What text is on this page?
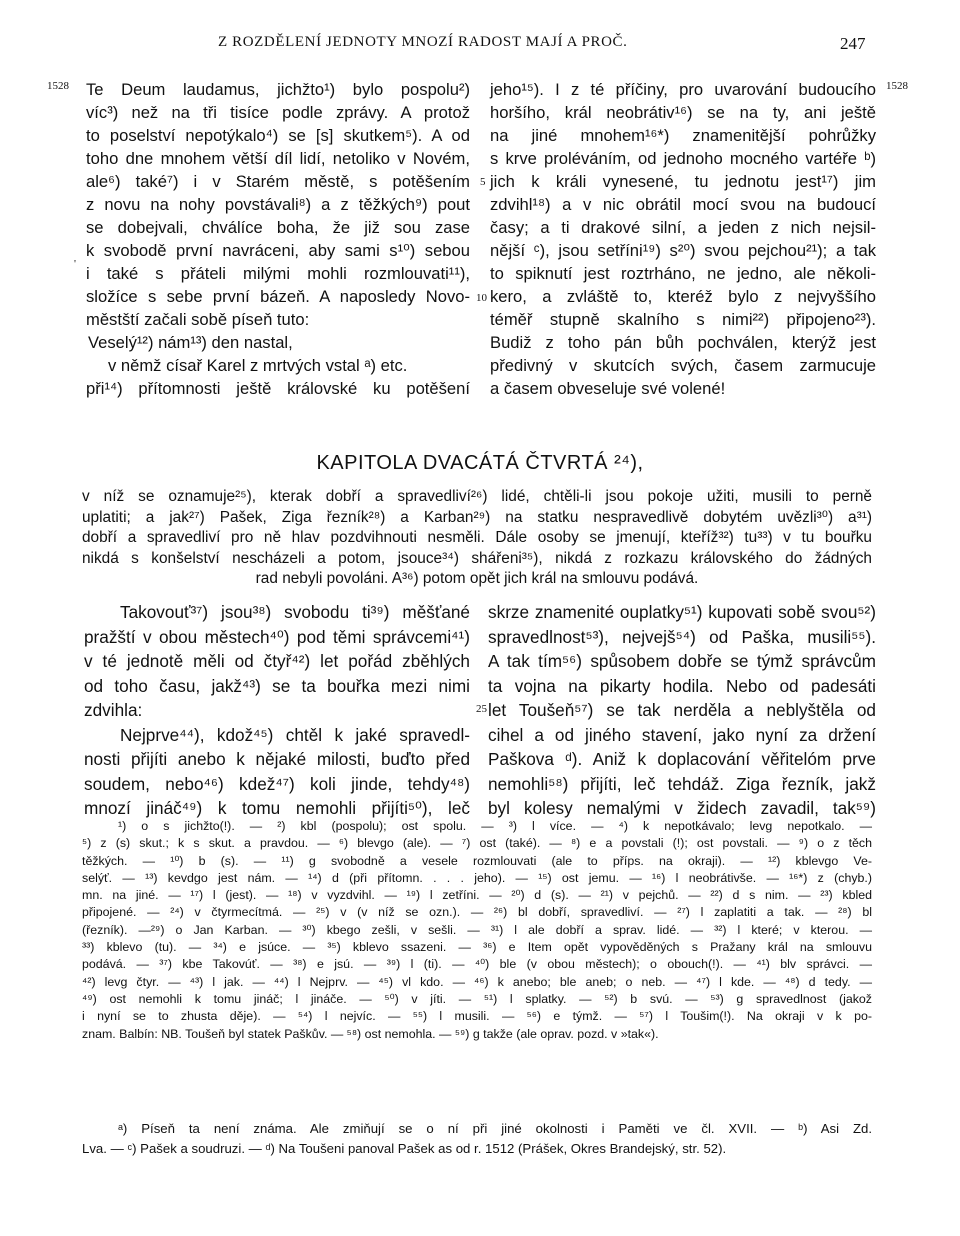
Z ROZDĚLENÍ JEDNOTY MNOZÍ RADOST MAJÍ A PROČ.	247
1528	1528
5
10
25
'

Te Deum laudamus, jichžto¹) bylo pospolu²)

víc³) než na tři tisíce podle zprávy. A protož

to poselství nepotýkalo⁴) se [s] skutkem⁵). A od

toho dne mnohem větší díl lidí, netoliko v Novém,

ale⁶) také⁷) i v Starém městě, s potěšením

z novu na nohy povstávali⁸) a z těžkých⁹) pout

se dobejvali, chválíce boha, že již sou zase

k svobodě první navráceni, aby sami s¹⁰) sebou

i také s přáteli milými mohli rozmlouvati¹¹),

složíce s sebe první bázeň. A naposledy Novo-

městští začali sobě píseň tuto:

Veselý¹²) nám¹³) den nastal,

v němž císař Karel z mrtvých vstal ᵃ) etc.

při¹⁴) přítomnosti ještě královské ku potěšení

jeho¹⁵). I z té příčiny, pro uvarování budoucího

horšího, král neobrátiv¹⁶) se na ty, ani ještě

na jiné mnohem¹⁶*) znamenitější pohrůžky

s krve proléváním, od jednoho mocného vartéře ᵇ)

jich k králi vynesené, tu jednotu jest¹⁷) jim

zdvihl¹⁸) a v nic obrátil mocí svou na budoucí

časy; a ti drakové silní, a jeden z nich nejsil-

nější ᶜ), jsou setříni¹⁹) s²⁰) svou pejchou²¹); a tak

to spiknutí jest roztrháno, ne jedno, ale několi-

kero, a zvláště to, kteréž bylo z nejvyššího

téměř stupně skalního s nimi²²) připojeno²³).

Budiž z toho pán bůh pochválen, kterýž jest

předivný v skutcích svých, časem zarmucuje

a časem obveseluje své volené!

KAPITOLA DVACÁTÁ ČTVRTÁ ²⁴),

v níž se oznamuje²⁵), kterak dobří a spravedliví²⁶) lidé, chtěli-li jsou pokoje užiti, musili to perně

uplatiti; a jak²⁷) Pašek, Ziga řezník²⁸) a Karban²⁹) na statku nespravedlivě dobytém uvězli³⁰) a³¹)

dobří a spravedliví pro ně hlav pozdvihnouti nesměli. Dále osoby se jmenují, kteříž³²) tu³³) v tu bouřku

nikdá s konšelství nescházeli a potom, jsouce³⁴) shářeni³⁵), nikdá z rozkazu královského do žádných

rad nebyli povoláni. A³⁶) potom opět jich král na smlouvu podává.

Takovouť³⁷) jsou³⁸) svobodu ti³⁹) měšťané

pražští v obou městech⁴⁰) pod těmi správcemi⁴¹)

v té jednotě měli od čtyř⁴²) let pořád zběhlých

od toho času, jakž⁴³) se ta bouřka mezi nimi

zdvihla:

Nejprve⁴⁴), kdož⁴⁵) chtěl k jaké spravedl-

nosti přijíti anebo k nějaké milosti, buďto před

soudem, nebo⁴⁶) kdež⁴⁷) koli jinde, tehdy⁴⁸)

mnozí jináč⁴⁹) k tomu nemohli přijíti⁵⁰), leč

skrze znamenité ouplatky⁵¹) kupovati sobě svou⁵²)

spravedlnost⁵³), nejvejš⁵⁴) od Paška, musili⁵⁵).

A tak tím⁵⁶) spůsobem dobře se týmž správcům

ta vojna na pikarty hodila. Nebo od padesáti

let Toušeň⁵⁷) se tak nerděla a neblyštěla od

cihel a od jiného stavení, jako nyní za držení

Paškova ᵈ). Aniž k doplacování věřitelóm prve

nemohli⁵⁸) přijíti, leč tehdáž. Ziga řezník, jakž

byl kolesy nemalými v židech zavadil, tak⁵⁹)

¹) o s jichžto(!). — ²) kbl (pospolu); ost spolu. — ³) l více. — ⁴) k nepotkávalo; levg nepotkalo. —

⁵) z (s) skut.; k s skut. a pravdou. — ⁶) blevgo (ale). — ⁷) ost (také). — ⁸) e a povstali (!); ost povstali. — ⁹) o z těch

těžkých. — ¹⁰) b (s). — ¹¹) g svobodně a vesele rozmlouvati (ale to příps. na okraji). — ¹²) kblevgo Ve-

selýť. — ¹³) kevdgo jest nám. — ¹⁴) d (při přítomn. . . . jeho). — ¹⁵) ost jemu. — ¹⁶) l neobrátivše. — ¹⁶*) z (chyb.)

mn. na jiné. — ¹⁷) l (jest). — ¹⁸) v vyzdvihl. — ¹⁹) l zetříni. — ²⁰) d (s). — ²¹) v pejchů. — ²²) d s nim. — ²³) kbled

připojené. — ²⁴) v čtyrmecítmá. — ²⁵) v (v níž se ozn.). — ²⁶) bl dobří, spravedliví. — ²⁷) l zaplatiti a tak. — ²⁸) bl

(řezník). —²⁹) o Jan Karban. — ³⁰) kbego zešli, v sešli. — ³¹) l ale dobří a sprav. lidé. — ³²) l které; v kterou. —

³³) kblevo (tu). — ³⁴) e jsúce. — ³⁵) kblevo ssazeni. — ³⁶) e Item opět vypověděných s Pražany král na smlouvu

podává. — ³⁷) kbe Takovúť. — ³⁸) e jsú. — ³⁹) l (ti). — ⁴⁰) ble (v obou městech); o obouch(!). — ⁴¹) blv správci. —

⁴²) levg čtyr. — ⁴³) l jak. — ⁴⁴) l Nejprv. — ⁴⁵) vl kdo. — ⁴⁶) k anebo; ble aneb; o neb. — ⁴⁷) l kde. — ⁴⁸) d tedy. —

⁴⁹) ost nemohli k tomu jináč; l jináče. — ⁵⁰) v jíti. — ⁵¹) l splatky. — ⁵²) b svú. — ⁵³) g spravedlnost (jakož

i nyní se to zhusta děje). — ⁵⁴) l nejvíc. — ⁵⁵) l musili. — ⁵⁶) e týmž. — ⁵⁷) l Toušim(!). Na okraji v k po-

znam. Balbín: NB. Toušeň byl statek Paškův. — ⁵⁸) ost nemohla. — ⁵⁹) g takže (ale oprav. pozd. v »tak«).

ᵃ) Píseň ta není známa. Ale zmiňují se o ní při jiné okolnosti i Paměti ve čl. XVII. — ᵇ) Asi Zd.

Lva. — ᶜ) Pašek a soudruzi. — ᵈ) Na Toušeni panoval Pašek as od r. 1512 (Prášek, Okres Brandejský, str. 52).
